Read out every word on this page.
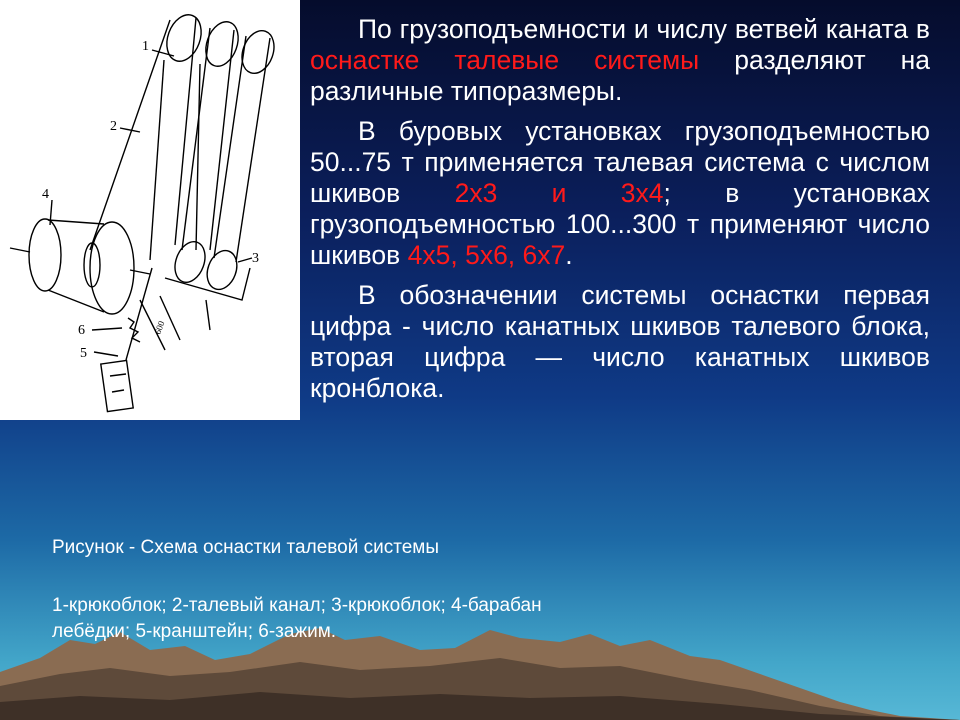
1
2
3
4
5
6	600

По грузоподъемности и числу ветвей каната в оснастке талевые системы разделяют на различные типоразмеры.

В буровых установках грузоподъемностью 50...75 т применяется талевая система с числом шкивов 2х3 и 3х4; в установках грузоподъемностью 100...300 т применяют число шкивов 4х5, 5х6, 6х7.

В обозначении системы оснастки первая цифра - число канатных шкивов талевого блока, вторая цифра — число канатных шкивов кронблока.

Рисунок - Схема оснастки талевой системы
1-крюкоблок; 2-талевый канал; 3-крюкоблок; 4-барабан лебёдки; 5-кранштейн; 6-зажим.
